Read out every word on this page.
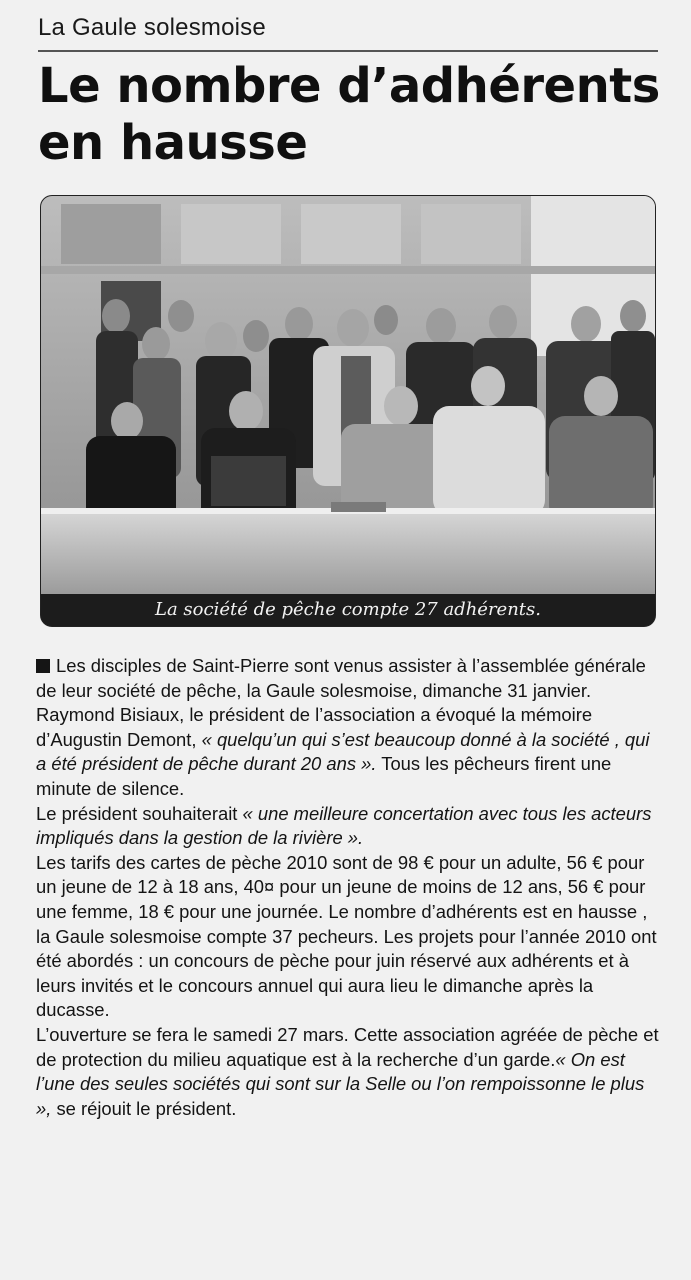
La Gaule solesmoise
Le nombre d’adhérents en hausse
La société de pêche compte 27 adhérents.

Les disciples de Saint-Pierre sont venus assister à l’assemblée générale de leur société de pêche, la Gaule solesmoise, dimanche 31 janvier.

Raymond Bisiaux, le président de l’association a évoqué la mémoire d’Augustin Demont, « quelqu’un qui s’est beaucoup donné à la société , qui a été président de pêche durant 20 ans ». Tous les pêcheurs firent une minute de silence.

Le président souhaiterait « une meilleure concertation avec tous les acteurs impliqués dans la gestion de la rivière ».

Les tarifs des cartes de pèche 2010 sont de 98 € pour un adulte, 56 € pour un jeune de 12 à 18 ans, 40¤ pour un jeune de moins de 12 ans, 56 € pour une femme, 18 € pour une journée. Le nombre d’adhérents est en hausse , la Gaule solesmoise compte 37 pecheurs. Les projets pour l’année 2010 ont été abordés : un concours de pèche pour juin réservé aux adhérents et à leurs invités et le concours annuel qui aura lieu le dimanche après la ducasse.

L’ouverture se fera le samedi 27 mars. Cette association agréée de pèche et de protection du milieu aquatique est à la recherche d’un garde.« On est l’une des seules sociétés qui sont sur la Selle ou l’on rempoissonne le plus », se réjouit le président.
